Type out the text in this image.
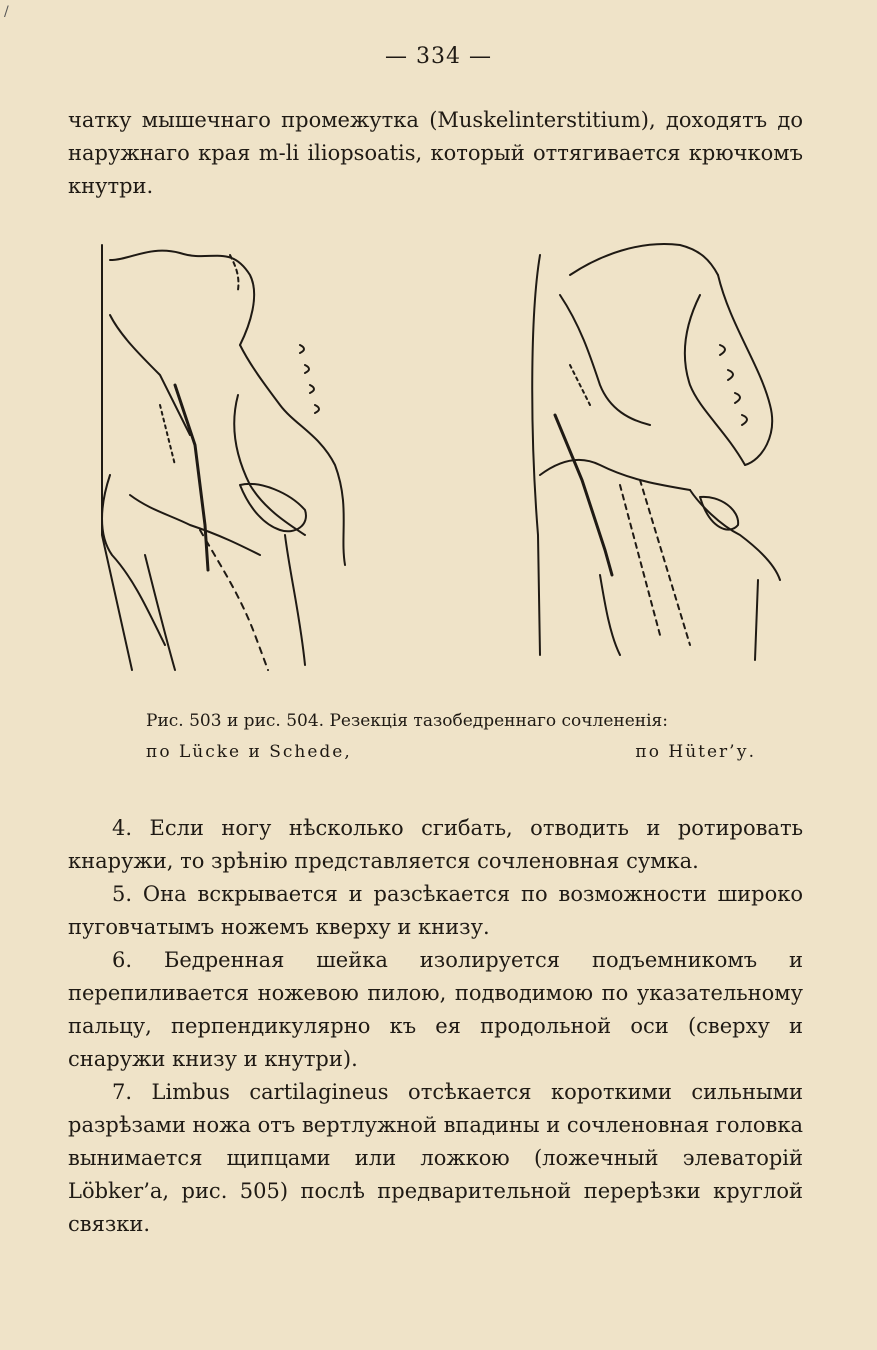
/
— 334 —

чатку мышечнаго промежутка (Muskelinterstitium), доходятъ до наружнаго края m-li iliopsoatis, который оттягивается крючкомъ кнутри.

Рис. 503 и рис. 504. Резекція тазобедреннаго сочлененія:
по Lücke и Schede,	по Hüter’у.

4. Если ногу нѣсколько сгибать, отводить и ротировать кнаружи, то зрѣнію представляется сочленовная сумка.

5. Она вскрывается и разсѣкается по возможности широко пуговчатымъ ножемъ кверху и книзу.

6. Бедренная шейка изолируется подъемникомъ и перепиливается ножевою пилою, подводимою по указательному пальцу, перпендикулярно къ ея продольной оси (сверху и снаружи книзу и кнутри).

7. Limbus cartilagineus отсѣкается короткими сильными разрѣзами ножа отъ вертлужной впадины и сочленовная головка вынимается щипцами или ложкою (ложечный элеваторій Löbker’а, рис. 505) послѣ предварительной перерѣзки круглой связки.
